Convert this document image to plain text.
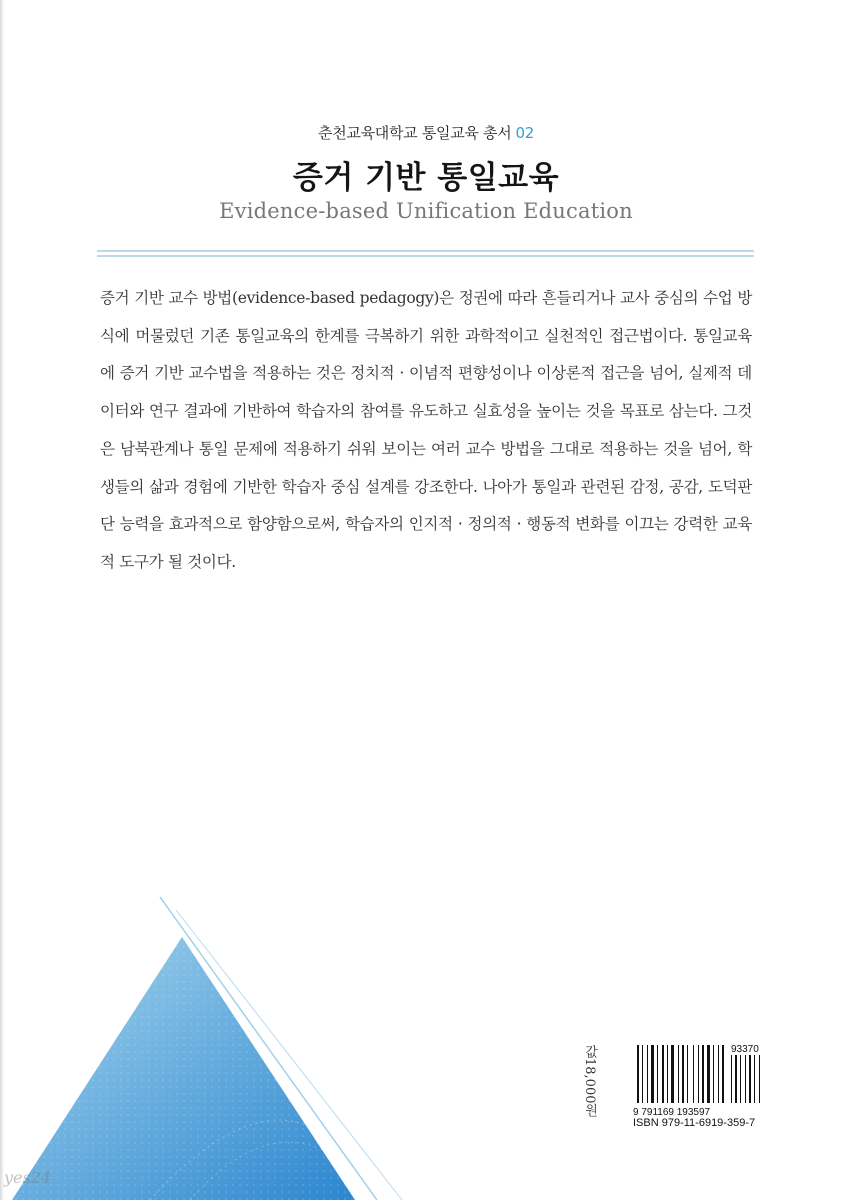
춘천교육대학교 통일교육 총서 02
증거 기반 통일교육
Evidence-based Unification Education
증거 기반 교수 방법(evidence-based pedagogy)은 정권에 따라 흔들리거나 교사 중심의 수업 방식에 머물렀던 기존 통일교육의 한계를 극복하기 위한 과학적이고 실천적인 접근법이다. 통일교육에 증거 기반 교수법을 적용하는 것은 정치적 · 이념적 편향성이나 이상론적 접근을 넘어, 실제적 데이터와 연구 결과에 기반하여 학습자의 참여를 유도하고 실효성을 높이는 것을 목표로 삼는다. 그것은 남북관계나 통일 문제에 적용하기 쉬워 보이는 여러 교수 방법을 그대로 적용하는 것을 넘어, 학생들의 삶과 경험에 기반한 학습자 중심 설계를 강조한다. 나아가 통일과 관련된 감정, 공감, 도덕판단 능력을 효과적으로 함양함으로써, 학습자의 인지적 · 정의적 · 행동적 변화를 이끄는 강력한 교육적 도구가 될 것이다.
값18,000원	93370
9 791169 193597
ISBN 979-11-6919-359-7
yes24
